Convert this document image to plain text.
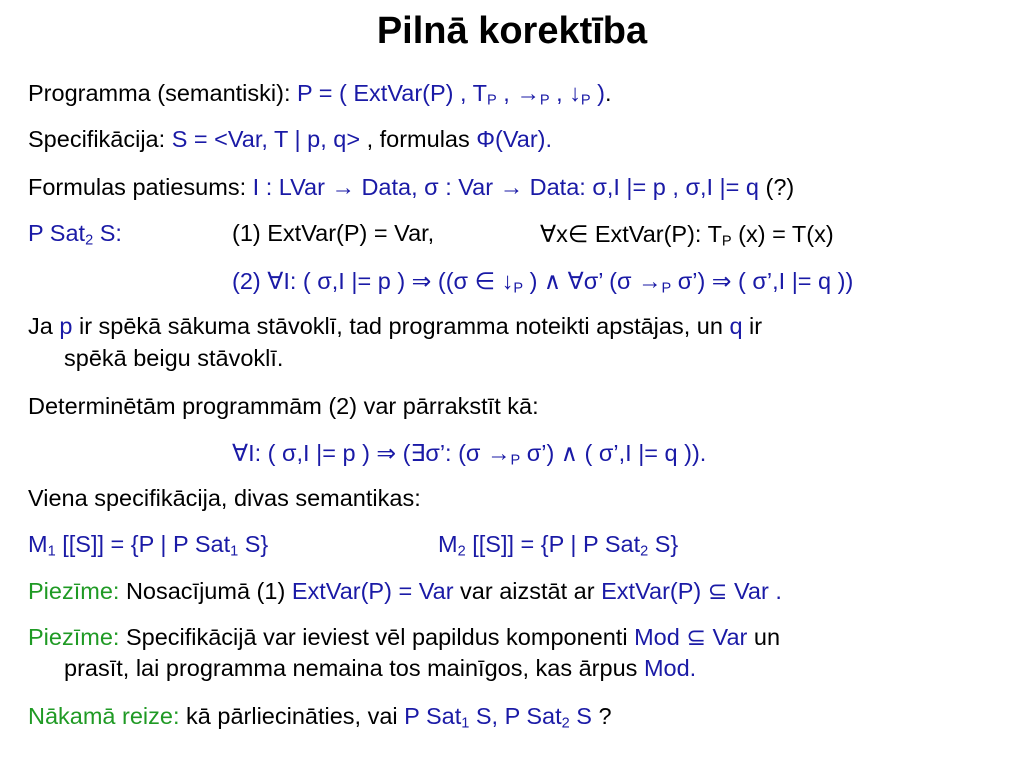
Pilnā korektība
Programma (semantiski): P = ( ExtVar(P) , $T_P$ , $\to_P$ , $↓_P$ ).
Specifikācija: S = <Var, T | p, q> , formulas Φ(Var).
Formulas patiesums: I : LVar → Data, σ : Var → Data: σ,I |= p , σ,I |= q (?)
P Sat$_2$ S:	(1) ExtVar(P) = Var,	∀x∈ ExtVar(P): $T_P$ (x) = T(x)
(2) ∀I: ( σ,I |= p ) ⇒ ((σ ∈ $↓_P$ ) ∧ ∀σ’ ($\sigma \to_P$ σ’) ⇒ ( σ’,I |= q ))
Ja p ir spēkā sākuma stāvoklī, tad programma noteikti apstājas, un q ir
spēkā beigu stāvoklī.
Determinētām programmām (2) var pārrakstīt kā:
∀I: ( σ,I |= p ) ⇒ (∃σ’: ($\sigma \to_P$ σ’) ∧ ( σ’,I |= q )).
Viena specifikācija, divas semantikas:
$M_1$ [[S]] = {P | P Sat$_1$ S}	$M_2$ [[S]] = {P | P Sat$_2$ S}
Piezīme: Nosacījumā (1) ExtVar(P) = Var var aizstāt ar ExtVar(P) ⊆ Var .
Piezīme: Specifikācijā var ieviest vēl papildus komponenti Mod ⊆ Var un
prasīt, lai programma nemaina tos mainīgos, kas ārpus Mod.
Nākamā reize: kā pārliecināties, vai P Sat$_1$ S, P Sat$_2$ S ?
